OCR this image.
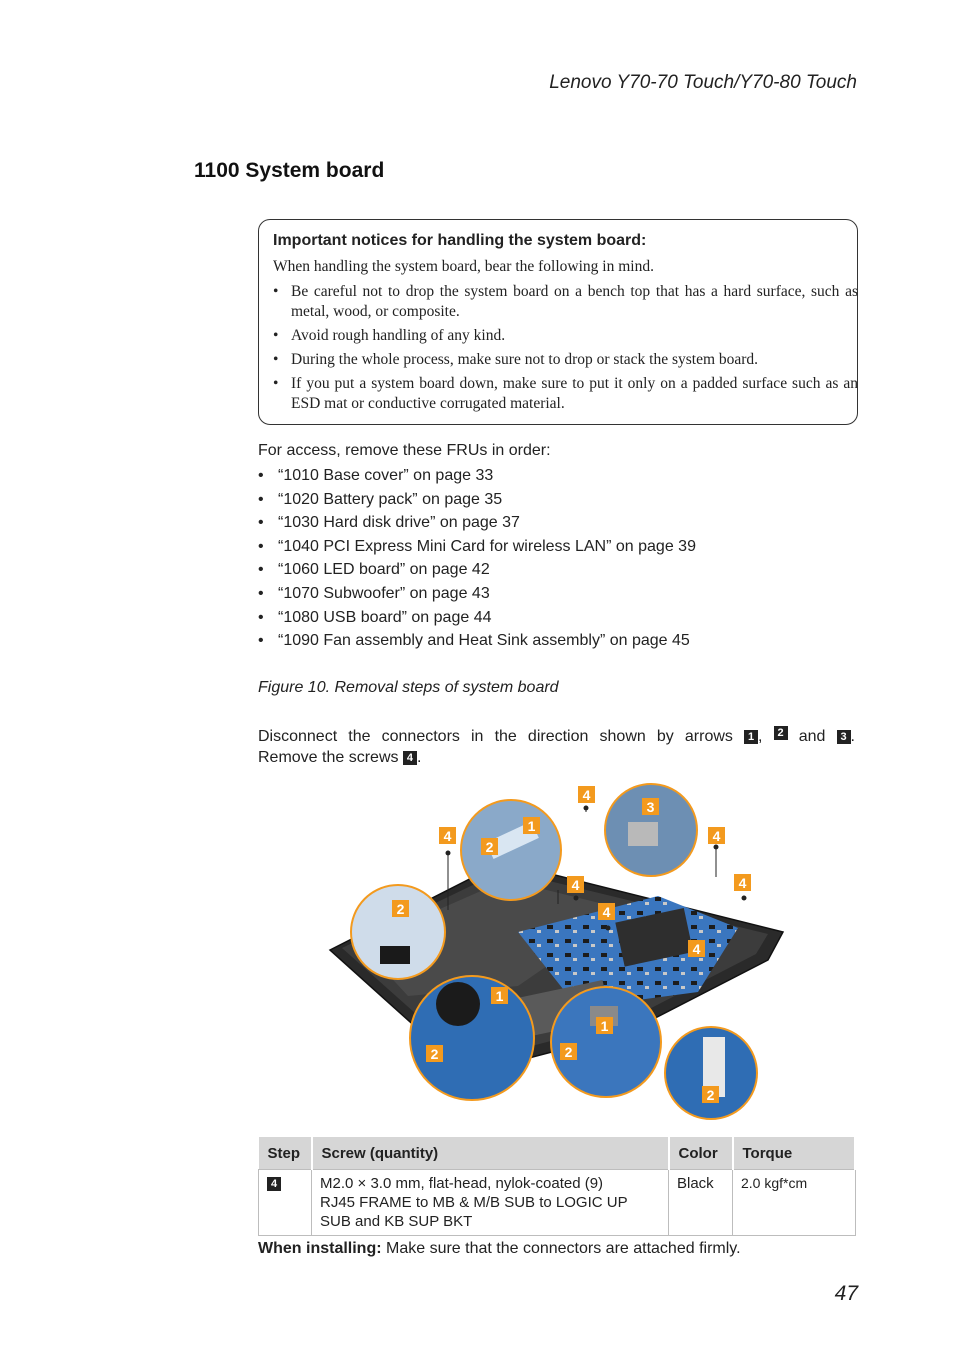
Lenovo Y70-70 Touch/Y70-80 Touch
1100 System board
Important notices for handling the system board:
When handling the system board, bear the following in mind.
• Be careful not to drop the system board on a bench top that has a hard surface, such as metal, wood, or composite.
• Avoid rough handling of any kind.
• During the whole process, make sure not to drop or stack the system board.
• If you put a system board down, make sure to put it only on a padded surface such as an ESD mat or conductive corrugated material.
For access, remove these FRUs in order:
• “1010 Base cover” on page 33
• “1020 Battery pack” on page 35
• “1030 Hard disk drive” on page 37
• “1040 PCI Express Mini Card for wireless LAN” on page 39
• “1060 LED board” on page 42
• “1070 Subwoofer” on page 43
• “1080 USB board” on page 44
• “1090 Fan assembly and Heat Sink assembly” on page 45
Figure 10. Removal steps of system board
Disconnect the connectors in the direction shown by arrows	1 ,	2 and	3 .
Remove the screws 4 .
4
4
3
4
4
1
2
4
4
4
2
1
2
1
2
2
Step	Screw (quantity)	Color	Torque
4	M2.0 × 3.0 mm, flat-head, nylok-coated (9)
RJ45 FRAME to MB & M/B SUB to LOGIC UP
SUB and KB SUP BKT	Black	2.0 kgf*cm
When installing: Make sure that the connectors are attached firmly.
47
